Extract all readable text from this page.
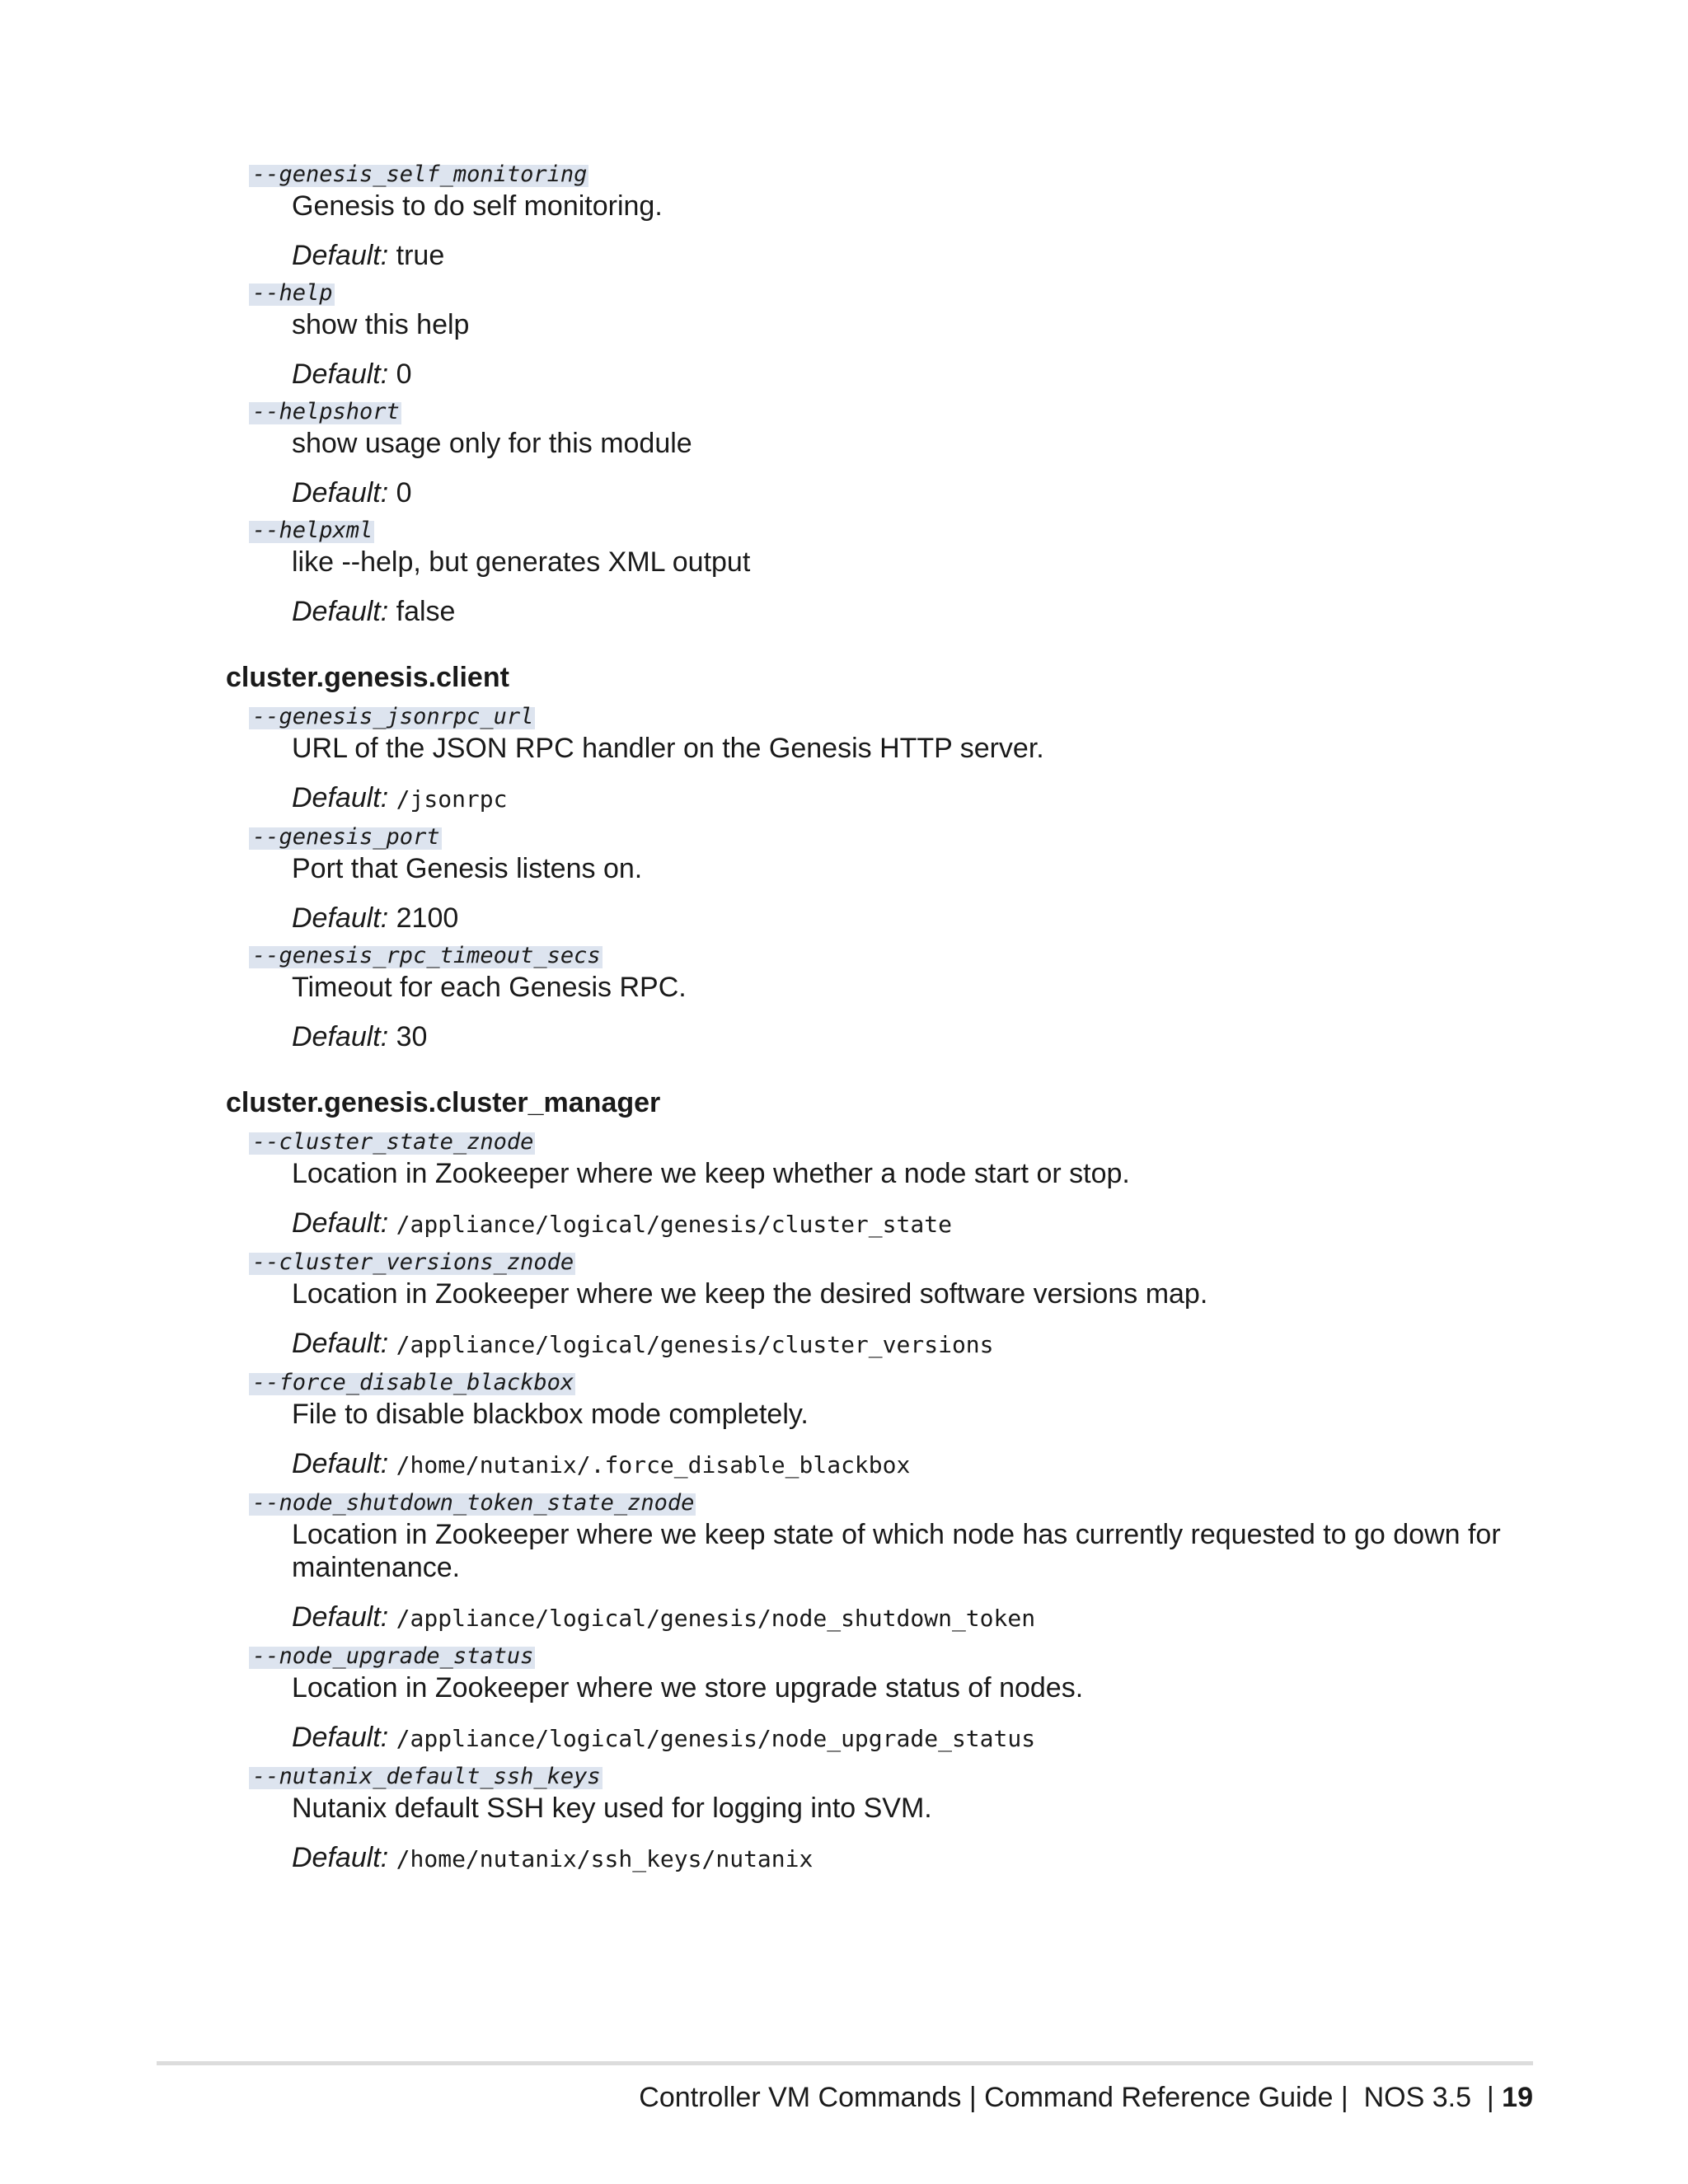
--genesis_self_monitoring

Genesis to do self monitoring.

Default: true

--help

show this help

Default: 0

--helpshort

show usage only for this module

Default: 0

--helpxml

like --help, but generates XML output

Default: false

cluster.genesis.client
--genesis_jsonrpc_url

URL of the JSON RPC handler on the Genesis HTTP server.

Default: /jsonrpc

--genesis_port

Port that Genesis listens on.

Default: 2100

--genesis_rpc_timeout_secs

Timeout for each Genesis RPC.

Default: 30

cluster.genesis.cluster_manager
--cluster_state_znode

Location in Zookeeper where we keep whether a node start or stop.

Default: /appliance/logical/genesis/cluster_state

--cluster_versions_znode

Location in Zookeeper where we keep the desired software versions map.

Default: /appliance/logical/genesis/cluster_versions

--force_disable_blackbox

File to disable blackbox mode completely.

Default: /home/nutanix/.force_disable_blackbox

--node_shutdown_token_state_znode

Location in Zookeeper where we keep state of which node has currently requested to go down for maintenance.

Default: /appliance/logical/genesis/node_shutdown_token

--node_upgrade_status

Location in Zookeeper where we store upgrade status of nodes.

Default: /appliance/logical/genesis/node_upgrade_status

--nutanix_default_ssh_keys

Nutanix default SSH key used for logging into SVM.

Default: /home/nutanix/ssh_keys/nutanix

Controller VM Commands | Command Reference Guide |  NOS 3.5  | 19
